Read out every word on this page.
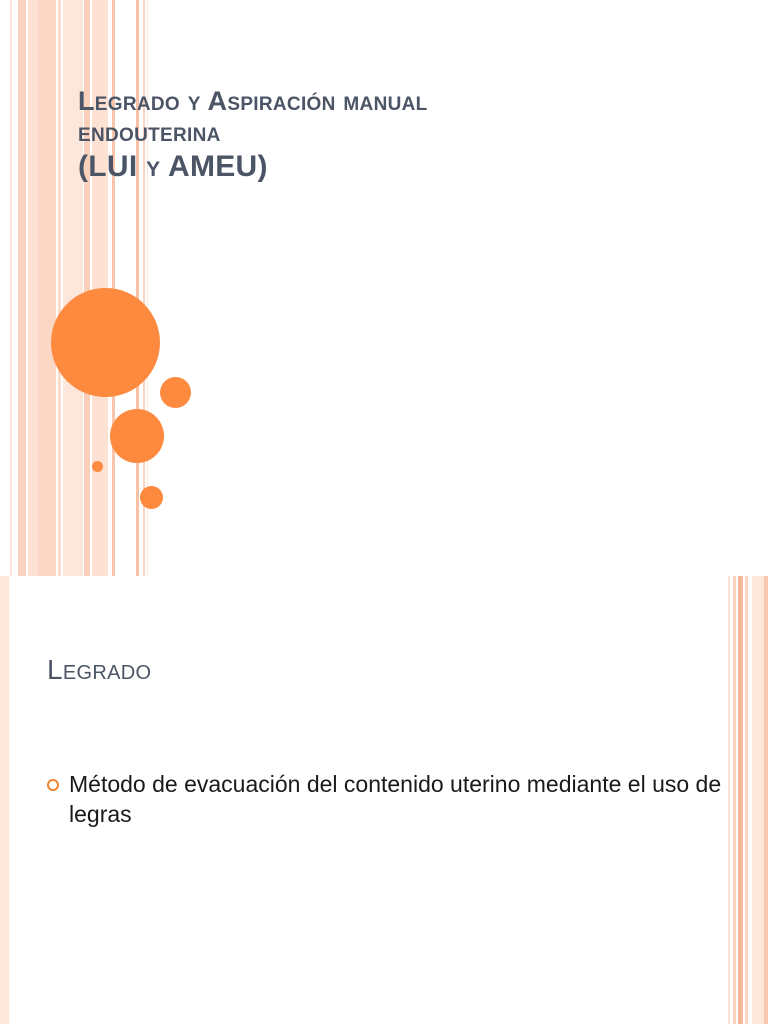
Legrado y Aspiración manual
endouterina
(LUI y AMEU)
Legrado
Método de evacuación del contenido uterino mediante el uso de legras
